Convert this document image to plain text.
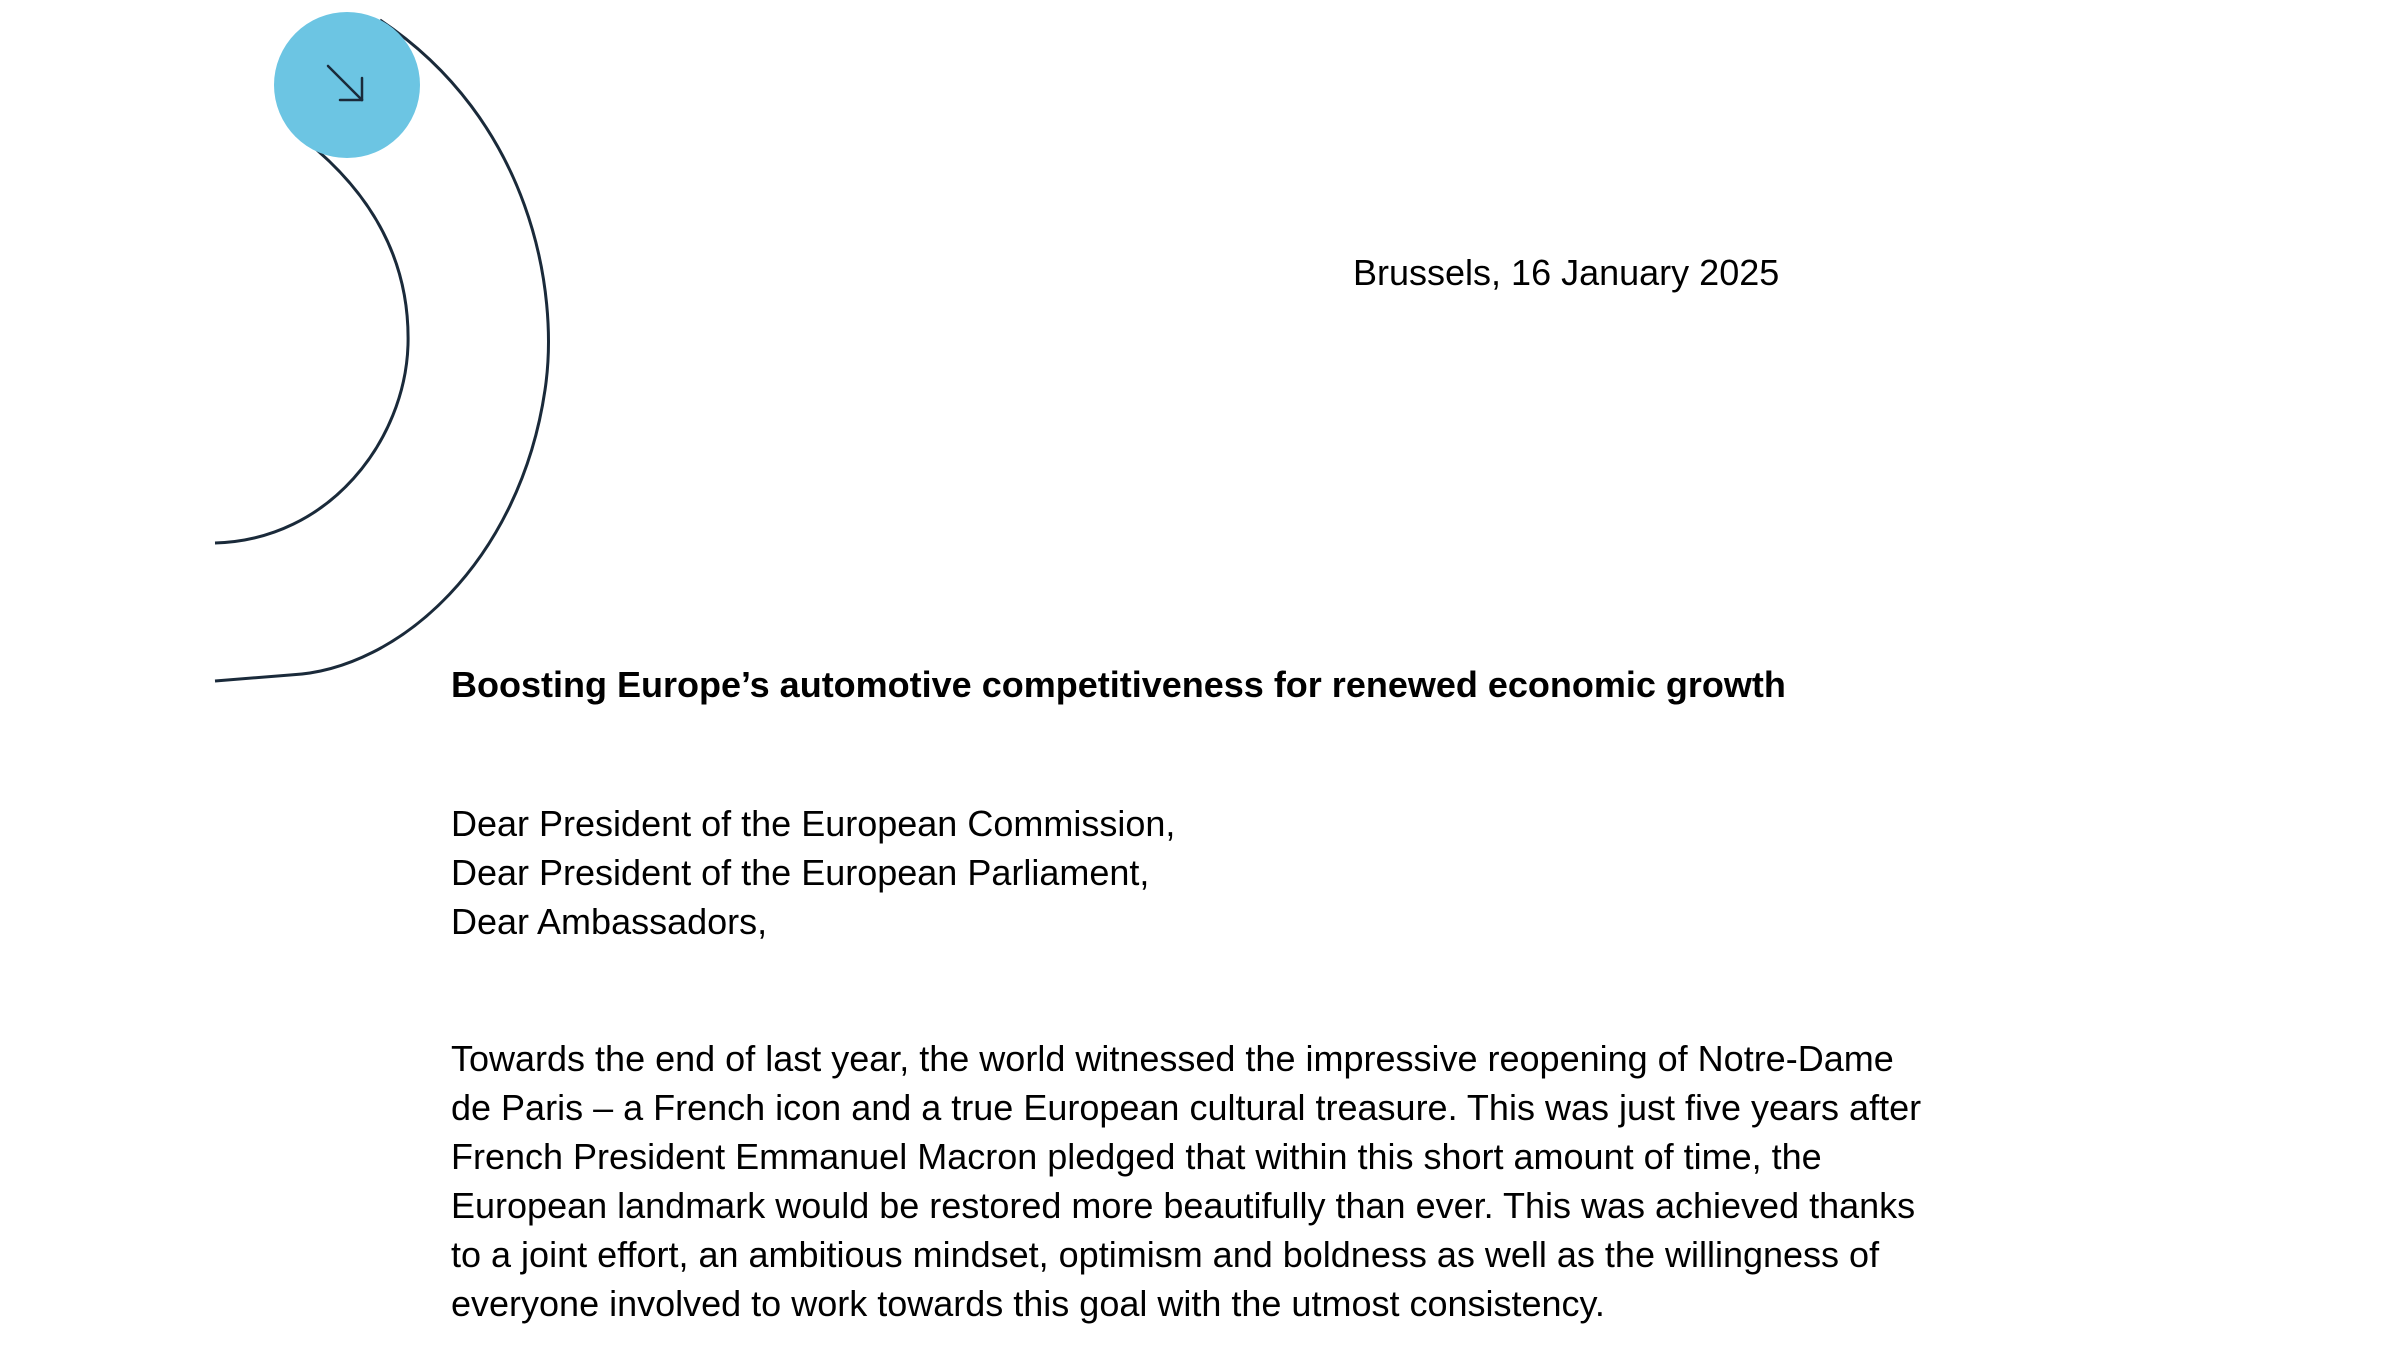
Brussels, 16 January 2025
Boosting Europe’s automotive competitiveness for renewed economic growth
Dear President of the European Commission,
Dear President of the European Parliament,
Dear Ambassadors,
Towards the end of last year, the world witnessed the impressive reopening of Notre-Dame
de Paris – a French icon and a true European cultural treasure. This was just five years after
French President Emmanuel Macron pledged that within this short amount of time, the
European landmark would be restored more beautifully than ever. This was achieved thanks
to a joint effort, an ambitious mindset, optimism and boldness as well as the willingness of
everyone involved to work towards this goal with the utmost consistency.
